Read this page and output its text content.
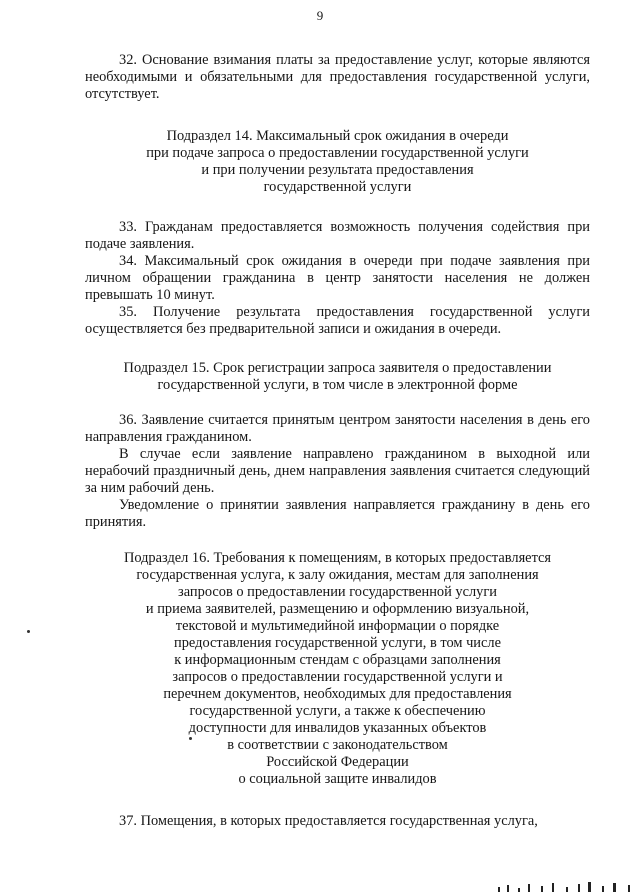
9

32. Основание взимания платы за предоставление услуг, которые являются необходимыми и обязательными для предоставления государственной услуги, отсутствует.

Подраздел 14. Максимальный срок ожидания в очереди
при подаче запроса о предоставлении государственной услуги
и при получении результата предоставления
государственной услуги

33. Гражданам предоставляется возможность получения содействия при подаче заявления.

34. Максимальный срок ожидания в очереди при подаче заявления при личном обращении гражданина в центр занятости населения не должен превышать 10 минут.

35. Получение результата предоставления государственной услуги осуществляется без предварительной записи и ожидания в очереди.

Подраздел 15. Срок регистрации запроса заявителя о предоставлении
государственной услуги, в том числе в электронной форме

36. Заявление считается принятым центром занятости населения в день его направления гражданином.

В случае если заявление направлено гражданином в выходной или нерабочий праздничный день, днем направления заявления считается следующий за ним рабочий день.

Уведомление о принятии заявления направляется гражданину в день его принятия.

Подраздел 16. Требования к помещениям, в которых предоставляется
государственная услуга, к залу ожидания, местам для заполнения
запросов о предоставлении государственной услуги
и приема заявителей, размещению и оформлению визуальной,
текстовой и мультимедийной информации о порядке
предоставления государственной услуги, в том числе
к информационным стендам с образцами заполнения
запросов о предоставлении государственной услуги и
перечнем документов, необходимых для предоставления
государственной услуги, а также к обеспечению
доступности для инвалидов указанных объектов
в соответствии с законодательством
Российской Федерации
о социальной защите инвалидов

37. Помещения, в которых предоставляется государственная услуга,
